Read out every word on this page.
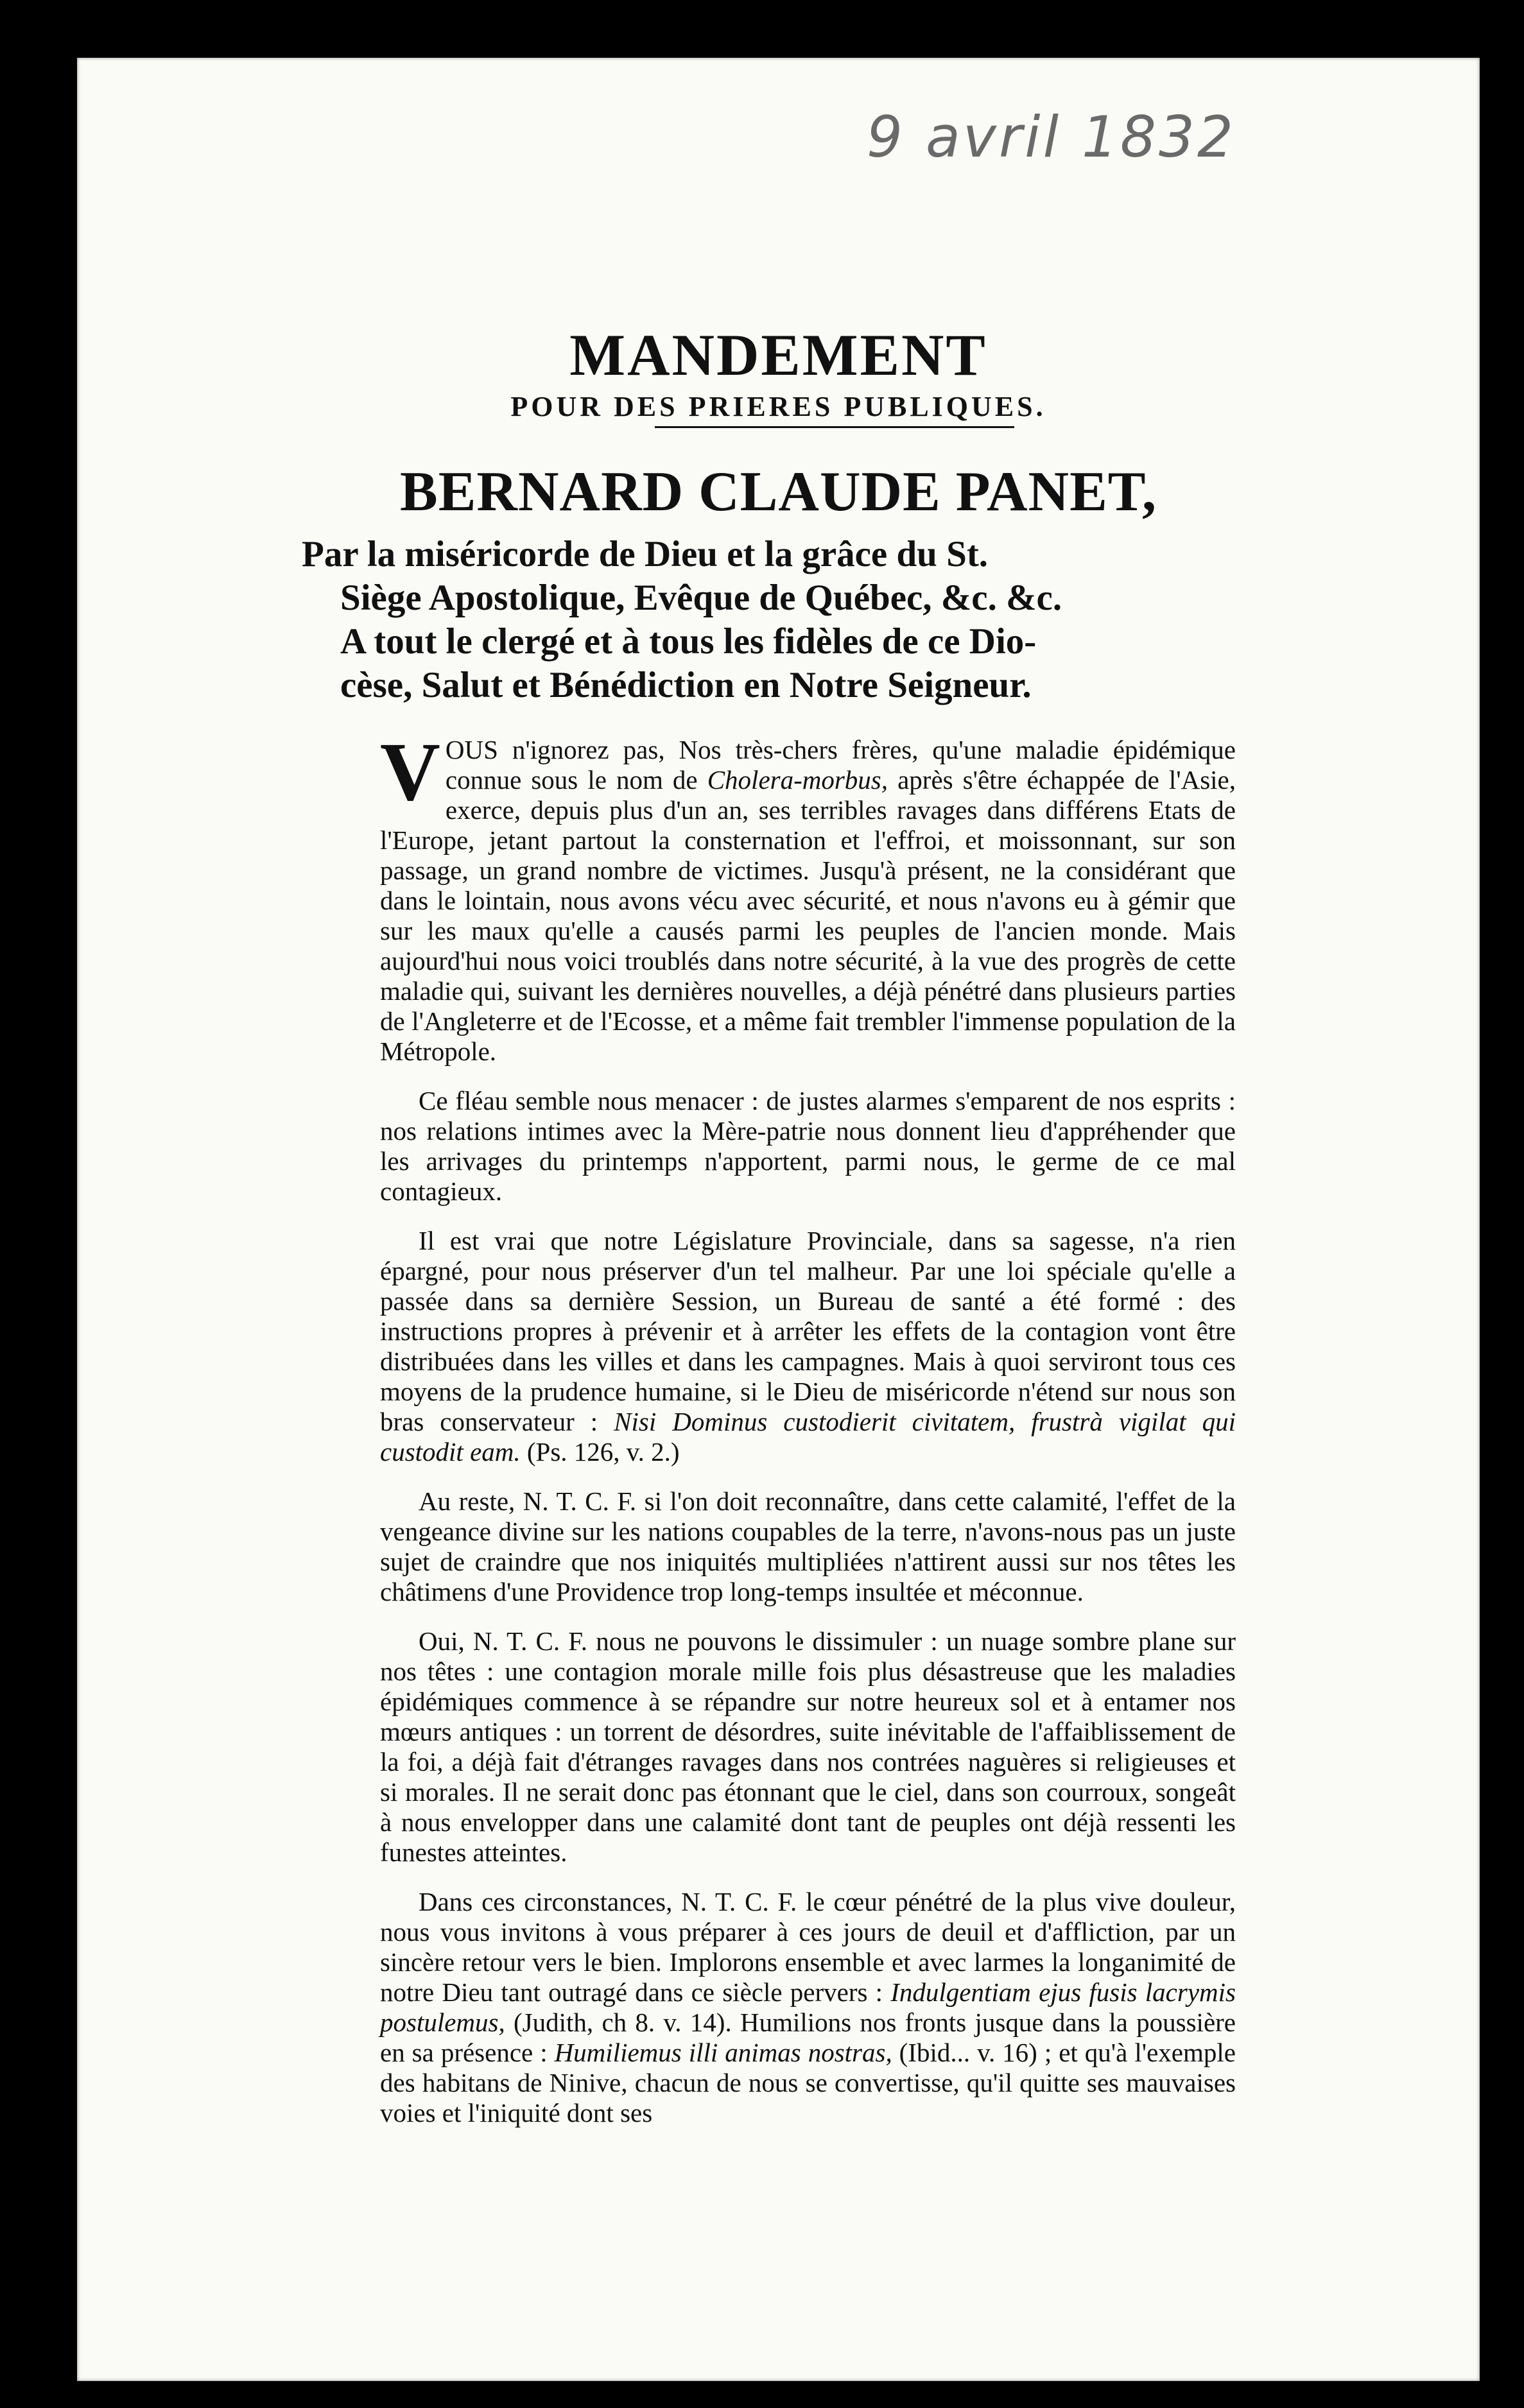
9 avril 1832
MANDEMENT
POUR DES PRIERES PUBLIQUES.
BERNARD CLAUDE PANET,
Par la miséricorde de Dieu et la grâce du St.
Siège Apostolique, Evêque de Québec, &c. &c.
A tout le clergé et à tous les fidèles de ce Dio-
cèse, Salut et Bénédiction en Notre Seigneur.

VOUS n'ignorez pas, Nos très-chers frères, qu'une maladie épidémique connue sous le nom de Cholera-morbus, après s'être échappée de l'Asie, exerce, depuis plus d'un an, ses terribles ravages dans différens Etats de l'Europe, jetant partout la consternation et l'effroi, et moissonnant, sur son passage, un grand nombre de victimes. Jusqu'à présent, ne la considérant que dans le lointain, nous avons vécu avec sécurité, et nous n'avons eu à gémir que sur les maux qu'elle a causés parmi les peuples de l'ancien monde. Mais aujourd'hui nous voici troublés dans notre sécurité, à la vue des progrès de cette maladie qui, suivant les dernières nouvelles, a déjà pénétré dans plusieurs parties de l'Angleterre et de l'Ecosse, et a même fait trembler l'immense population de la Métropole.

Ce fléau semble nous menacer : de justes alarmes s'emparent de nos esprits : nos relations intimes avec la Mère-patrie nous donnent lieu d'appréhender que les arrivages du printemps n'apportent, parmi nous, le germe de ce mal contagieux.

Il est vrai que notre Législature Provinciale, dans sa sagesse, n'a rien épargné, pour nous préserver d'un tel malheur. Par une loi spéciale qu'elle a passée dans sa dernière Session, un Bureau de santé a été formé : des instructions propres à prévenir et à arrêter les effets de la contagion vont être distribuées dans les villes et dans les campagnes. Mais à quoi serviront tous ces moyens de la prudence humaine, si le Dieu de miséricorde n'étend sur nous son bras conservateur : Nisi Dominus custodierit civitatem, frustrà vigilat qui custodit eam. (Ps. 126, v. 2.)

Au reste, N. T. C. F. si l'on doit reconnaître, dans cette calamité, l'effet de la vengeance divine sur les nations coupables de la terre, n'avons-nous pas un juste sujet de craindre que nos iniquités multipliées n'attirent aussi sur nos têtes les châtimens d'une Providence trop long-temps insultée et méconnue.

Oui, N. T. C. F. nous ne pouvons le dissimuler : un nuage sombre plane sur nos têtes : une contagion morale mille fois plus désastreuse que les maladies épidémiques commence à se répandre sur notre heureux sol et à entamer nos mœurs antiques : un torrent de désordres, suite inévitable de l'affaiblissement de la foi, a déjà fait d'étranges ravages dans nos contrées naguères si religieuses et si morales. Il ne serait donc pas étonnant que le ciel, dans son courroux, songeât à nous envelopper dans une calamité dont tant de peuples ont déjà ressenti les funestes atteintes.

Dans ces circonstances, N. T. C. F. le cœur pénétré de la plus vive douleur, nous vous invitons à vous préparer à ces jours de deuil et d'affliction, par un sincère retour vers le bien. Implorons ensemble et avec larmes la longanimité de notre Dieu tant outragé dans ce siècle pervers : Indulgentiam ejus fusis lacrymis postulemus, (Judith, ch 8. v. 14). Humilions nos fronts jusque dans la poussière en sa présence : Humiliemus illi animas nostras, (Ibid... v. 16) ; et qu'à l'exemple des habitans de Ninive, chacun de nous se convertisse, qu'il quitte ses mauvaises voies et l'iniquité dont ses
